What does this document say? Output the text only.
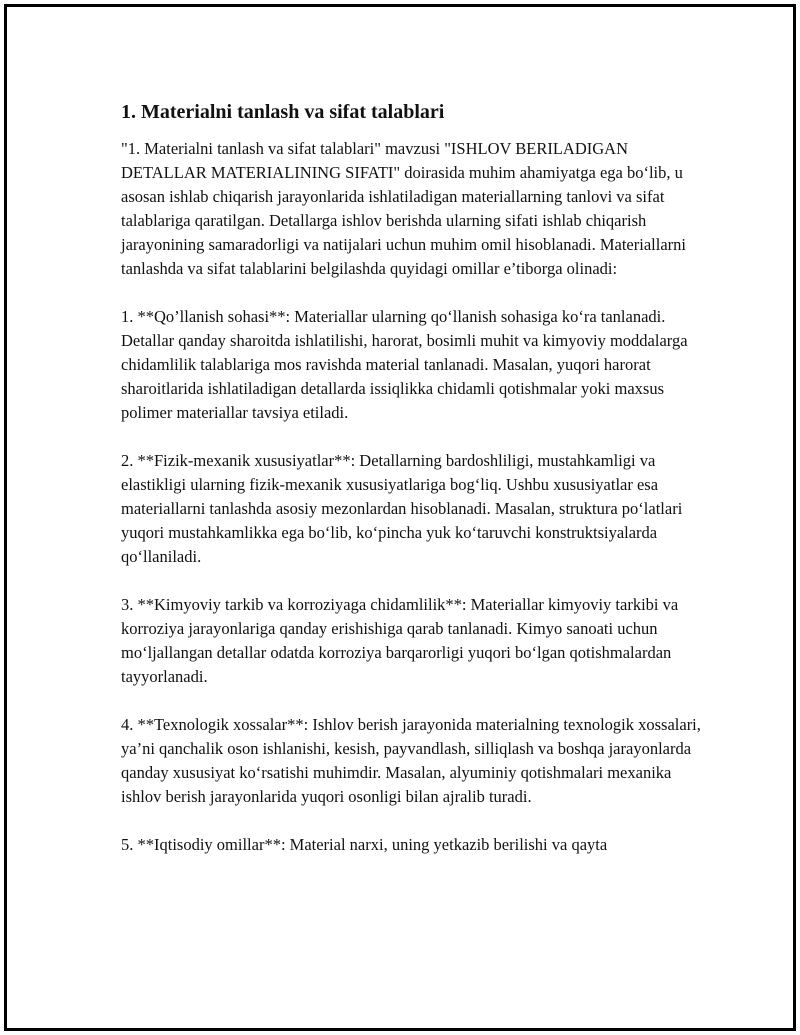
1. Materialni tanlash va sifat talablari

"1. Materialni tanlash va sifat talablari" mavzusi "ISHLOV BERILADIGAN DETALLAR MATERIALINING SIFATI" doirasida muhim ahamiyatga ega bo‘lib, u asosan ishlab chiqarish jarayonlarida ishlatiladigan materiallarning tanlovi va sifat talablariga qaratilgan. Detallarga ishlov berishda ularning sifati ishlab chiqarish jarayonining samaradorligi va natijalari uchun muhim omil hisoblanadi. Materiallarni tanlashda va sifat talablarini belgilashda quyidagi omillar e’tiborga olinadi:

1. **Qo’llanish sohasi**: Materiallar ularning qo‘llanish sohasiga ko‘ra tanlanadi. Detallar qanday sharoitda ishlatilishi, harorat, bosimli muhit va kimyoviy moddalarga chidamlilik talablariga mos ravishda material tanlanadi. Masalan, yuqori harorat sharoitlarida ishlatiladigan detallarda issiqlikka chidamli qotishmalar yoki maxsus polimer materiallar tavsiya etiladi.

2. **Fizik-mexanik xususiyatlar**: Detallarning bardoshliligi, mustahkamligi va elastikligi ularning fizik-mexanik xususiyatlariga bog‘liq. Ushbu xususiyatlar esa materiallarni tanlashda asosiy mezonlardan hisoblanadi. Masalan, struktura po‘latlari yuqori mustahkamlikka ega bo‘lib, ko‘pincha yuk ko‘taruvchi konstruktsiyalarda qo‘llaniladi.

3. **Kimyoviy tarkib va korroziyaga chidamlilik**: Materiallar kimyoviy tarkibi va korroziya jarayonlariga qanday erishishiga qarab tanlanadi. Kimyo sanoati uchun mo‘ljallangan detallar odatda korroziya barqarorligi yuqori bo‘lgan qotishmalardan tayyorlanadi.

4. **Texnologik xossalar**: Ishlov berish jarayonida materialning texnologik xossalari, ya’ni qanchalik oson ishlanishi, kesish, payvandlash, silliqlash va boshqa jarayonlarda qanday xususiyat ko‘rsatishi muhimdir. Masalan, alyuminiy qotishmalari mexanika ishlov berish jarayonlarida yuqori osonligi bilan ajralib turadi.

5. **Iqtisodiy omillar**: Material narxi, uning yetkazib berilishi va qayta
